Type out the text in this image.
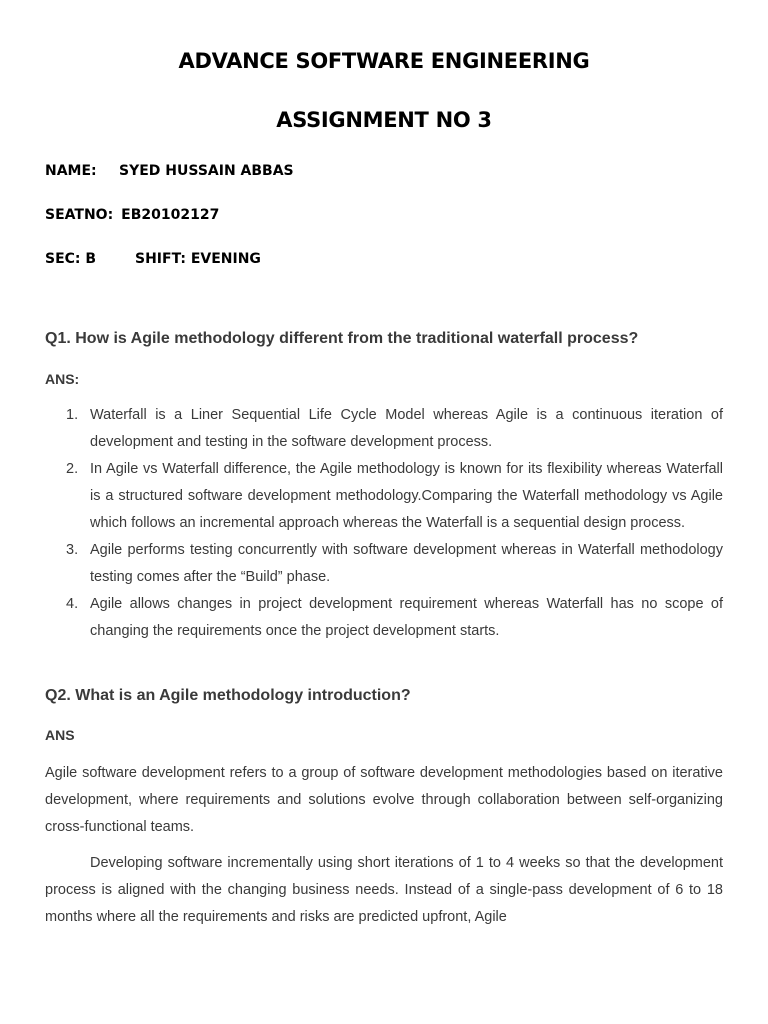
ADVANCE SOFTWARE ENGINEERING
ASSIGNMENT NO 3
NAME: SYED HUSSAIN ABBAS
SEATNO: EB20102127
SEC: B	SHIFT: EVENING
Q1. How is Agile methodology different from the traditional waterfall process?
ANS:
1. Waterfall is a Liner Sequential Life Cycle Model whereas Agile is a continuous iteration of development and testing in the software development process.
2. In Agile vs Waterfall difference, the Agile methodology is known for its flexibility whereas Waterfall is a structured software development methodology.Comparing the Waterfall methodology vs Agile which follows an incremental approach whereas the Waterfall is a sequential design process.
3. Agile performs testing concurrently with software development whereas in Waterfall methodology testing comes after the “Build” phase.
4. Agile allows changes in project development requirement whereas Waterfall has no scope of changing the requirements once the project development starts.
Q2. What is an Agile methodology introduction?
ANS
Agile software development refers to a group of software development methodologies based on iterative development, where requirements and solutions evolve through collaboration between self-organizing cross-functional teams.
Developing software incrementally using short iterations of 1 to 4 weeks so that the development process is aligned with the changing business needs. Instead of a single-pass development of 6 to 18 months where all the requirements and risks are predicted upfront, Agile
